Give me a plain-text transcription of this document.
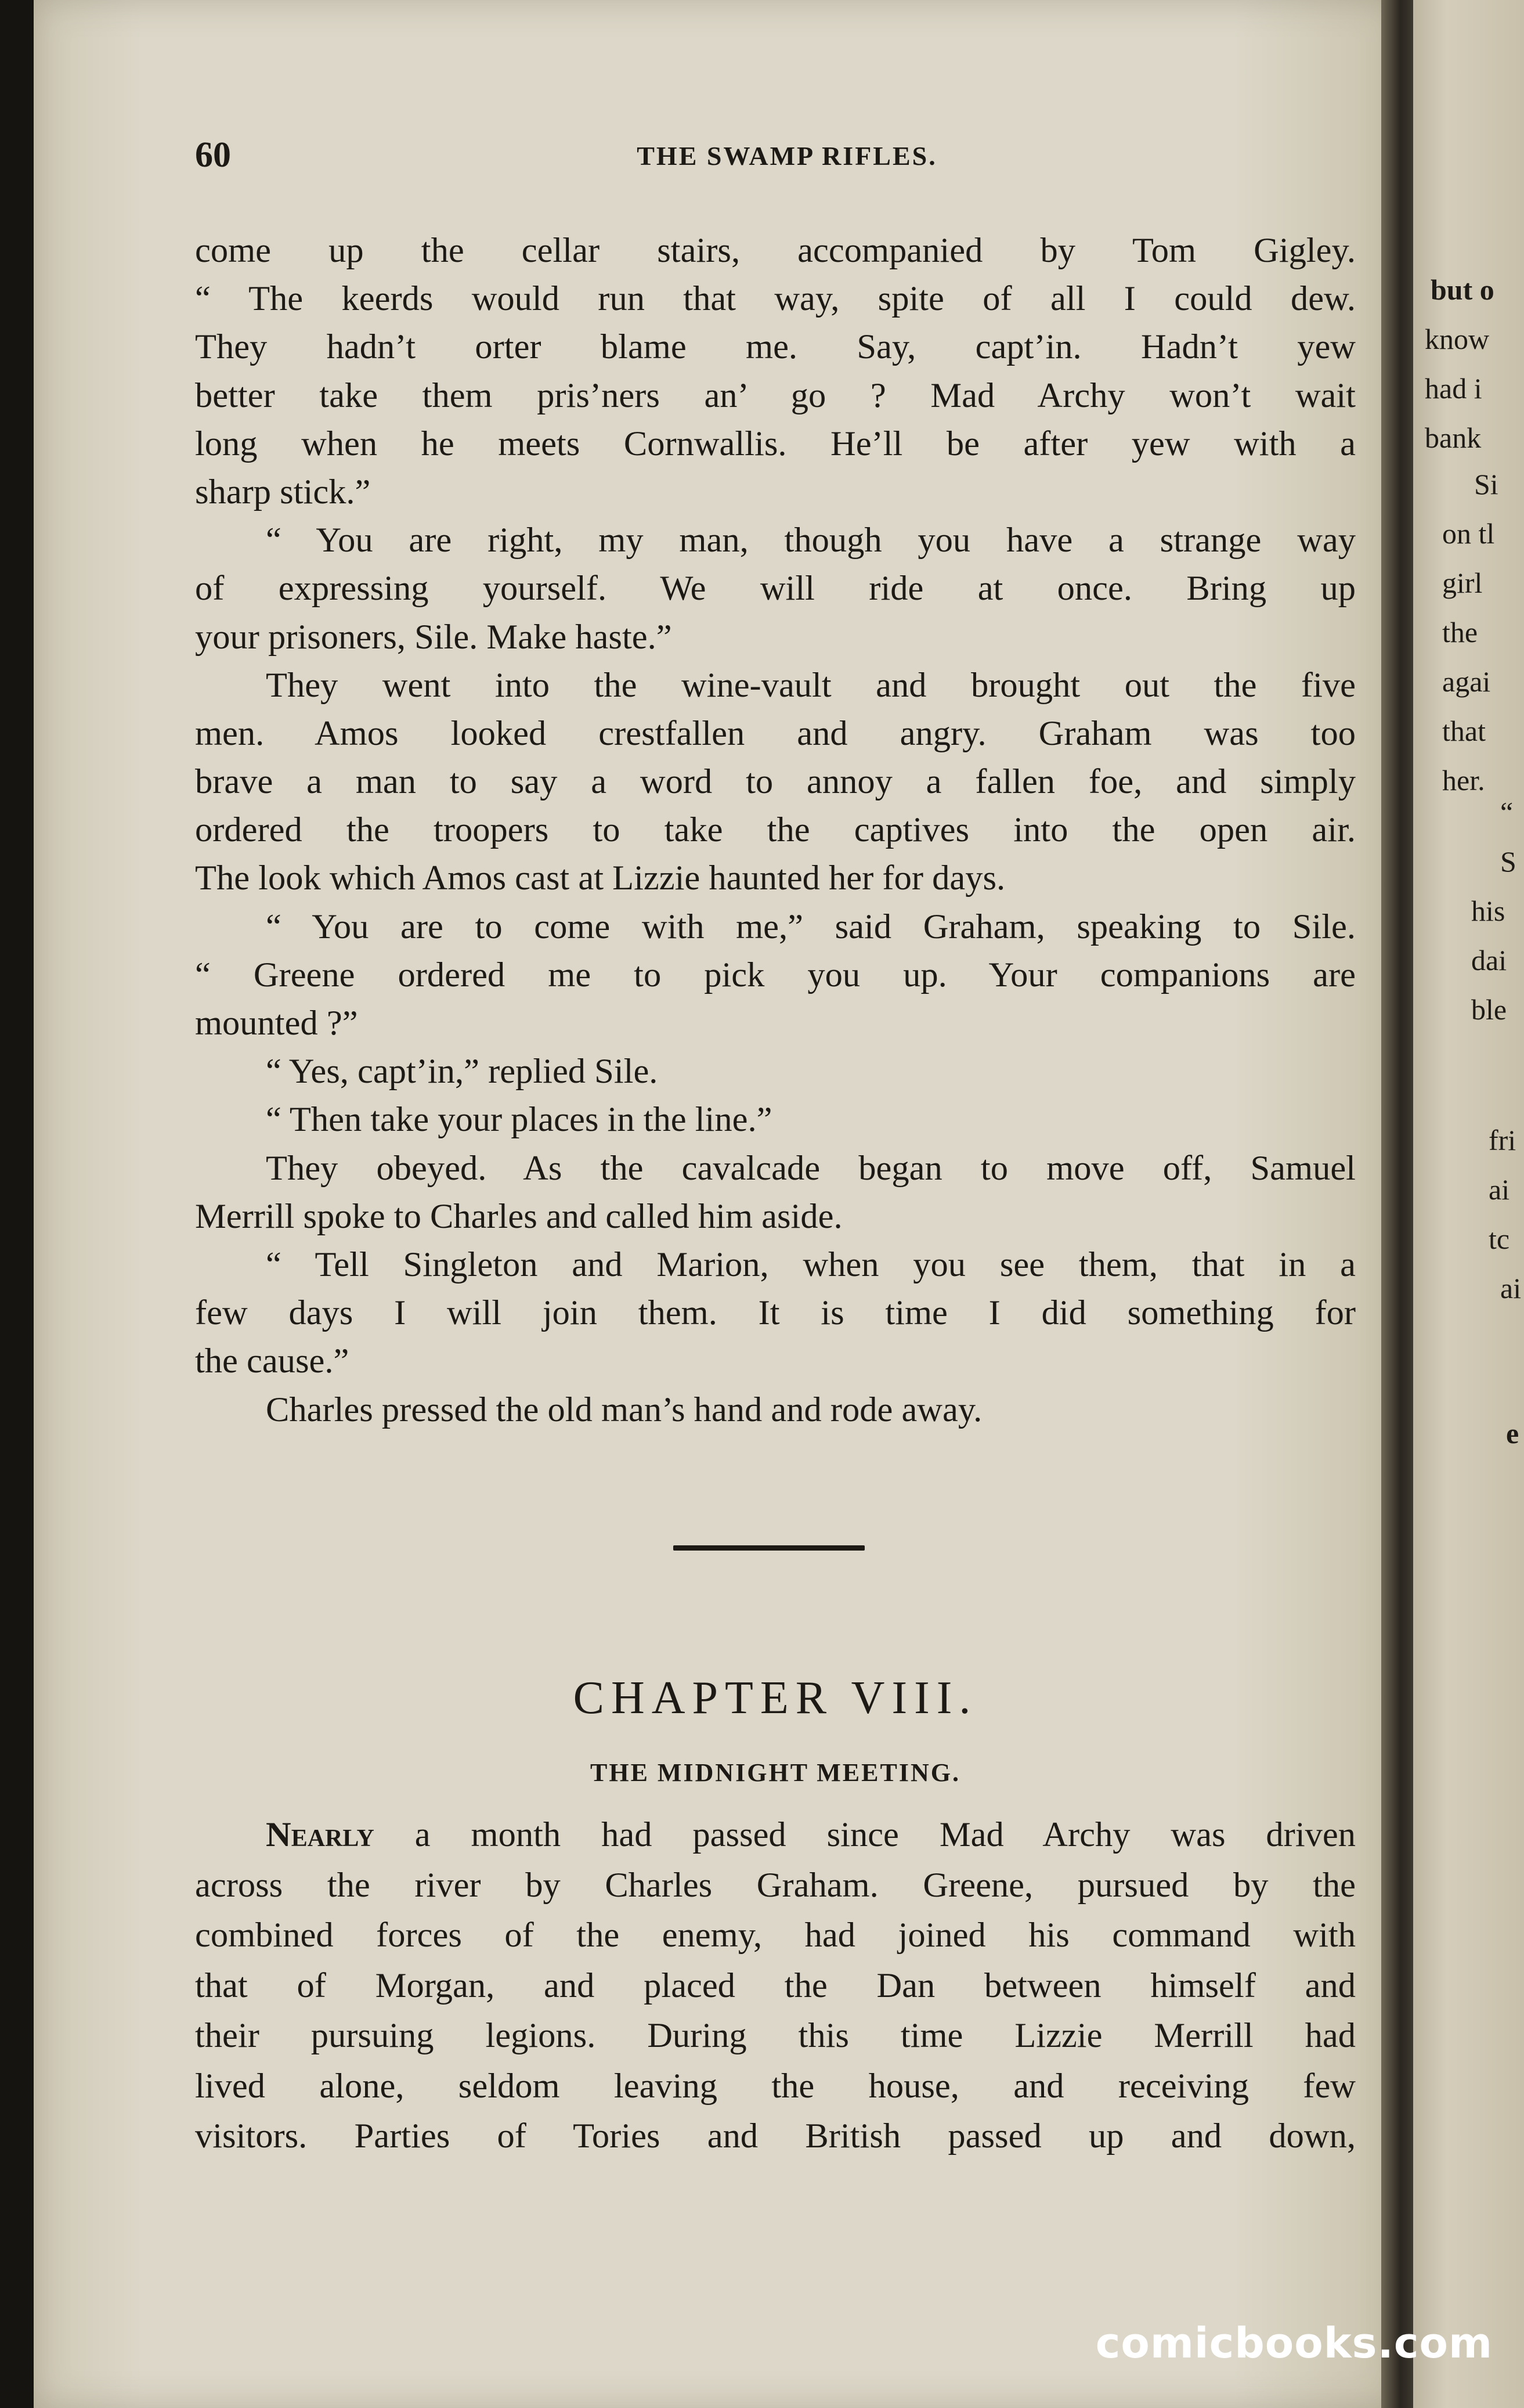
but o
know
had i
bank
Si
on tl
girl
the
agai
that
her.
“
S
his
dai
ble
fri
ai
tc
ai
e
60	THE SWAMP RIFLES.
come up the cellar stairs, accompanied by Tom Gigley.
“ The keerds would run that way, spite of all I could dew.
They hadn’t orter blame me. Say, capt’in. Hadn’t yew
better take them pris’ners an’ go ? Mad Archy won’t wait
long when he meets Cornwallis. He’ll be after yew with a
sharp stick.”
“ You are right, my man, though you have a strange way
of expressing yourself. We will ride at once. Bring up
your prisoners, Sile. Make haste.”
They went into the wine-vault and brought out the five
men. Amos looked crestfallen and angry. Graham was too
brave a man to say a word to annoy a fallen foe, and simply
ordered the troopers to take the captives into the open air.
The look which Amos cast at Lizzie haunted her for days.
“ You are to come with me,” said Graham, speaking to Sile.
“ Greene ordered me to pick you up. Your companions are
mounted ?”
“ Yes, capt’in,” replied Sile.
“ Then take your places in the line.”
They obeyed. As the cavalcade began to move off, Samuel
Merrill spoke to Charles and called him aside.
“ Tell Singleton and Marion, when you see them, that in a
few days I will join them. It is time I did something for
the cause.”
Charles pressed the old man’s hand and rode away.
CHAPTER VIII.
THE MIDNIGHT MEETING.
Nearly a month had passed since Mad Archy was driven
across the river by Charles Graham. Greene, pursued by the
combined forces of the enemy, had joined his command with
that of Morgan, and placed the Dan between himself and
their pursuing legions. During this time Lizzie Merrill had
lived alone, seldom leaving the house, and receiving few
visitors. Parties of Tories and British passed up and down,
comicbooks.com
